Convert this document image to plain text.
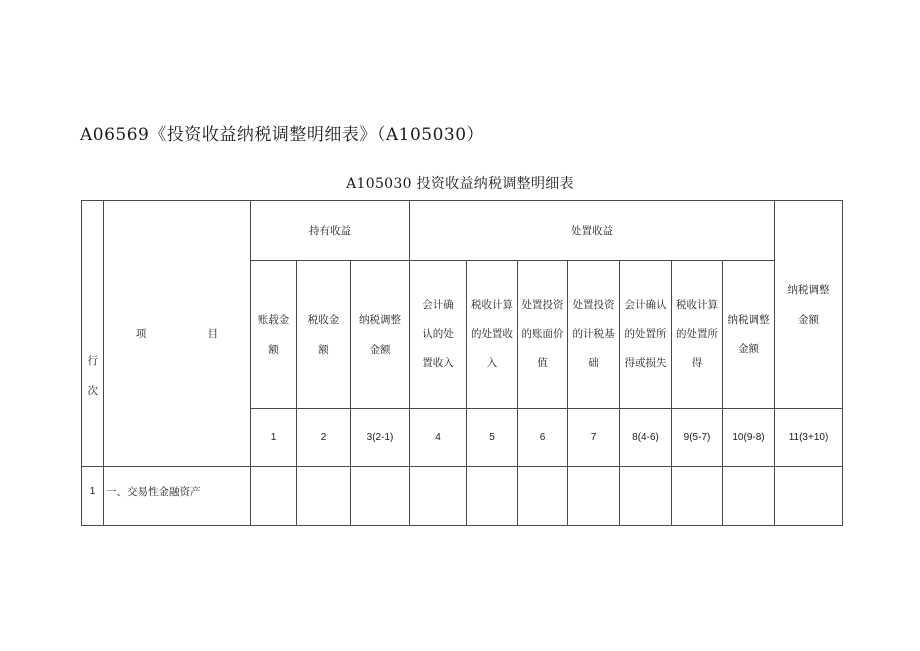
A06569《投资收益纳税调整明细表》（A105030）
A105030 投资收益纳税调整明细表
行次	项 目	持有收益			处置收益							纳税调整金额
		账载金额	税收金额	纳税调整金额	会计确认的处置收入	税收计算的处置收入	处置投资的账面价值	处置投资的计税基础	会计确认的处置所得或损失	税收计算的处置所得	纳税调整金额	
		1	2	3(2-1)	4	5	6	7	8(4-6)	9(5-7)	10(9-8)	11(3+10)
1	一、交易性金融资产											
